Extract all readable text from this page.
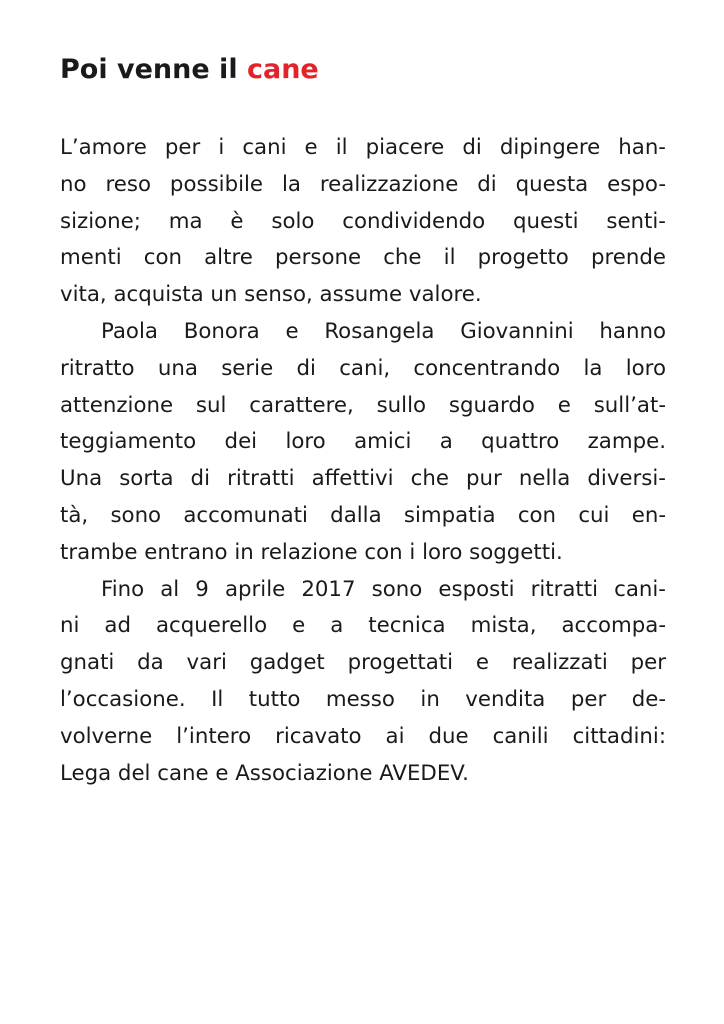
Poi venne il cane
L’amore per i cani e il piacere di dipingere han-
no reso possibile la realizzazione di questa espo-
sizione; ma è solo condividendo questi senti-
menti con altre persone che il progetto prende
vita, acquista un senso, assume valore.
Paola Bonora e Rosangela Giovannini hanno
ritratto una serie di cani, concentrando la loro
attenzione sul carattere, sullo sguardo e sull’at-
teggiamento dei loro amici a quattro zampe.
Una sorta di ritratti affettivi che pur nella diversi-
tà, sono accomunati dalla simpatia con cui en-
trambe entrano in relazione con i loro soggetti.
Fino al 9 aprile 2017 sono esposti ritratti cani-
ni ad acquerello e a tecnica mista, accompa-
gnati da vari gadget progettati e realizzati per
l’occasione. Il tutto messo in vendita per de-
volverne l’intero ricavato ai due canili cittadini:
Lega del cane e Associazione AVEDEV.
